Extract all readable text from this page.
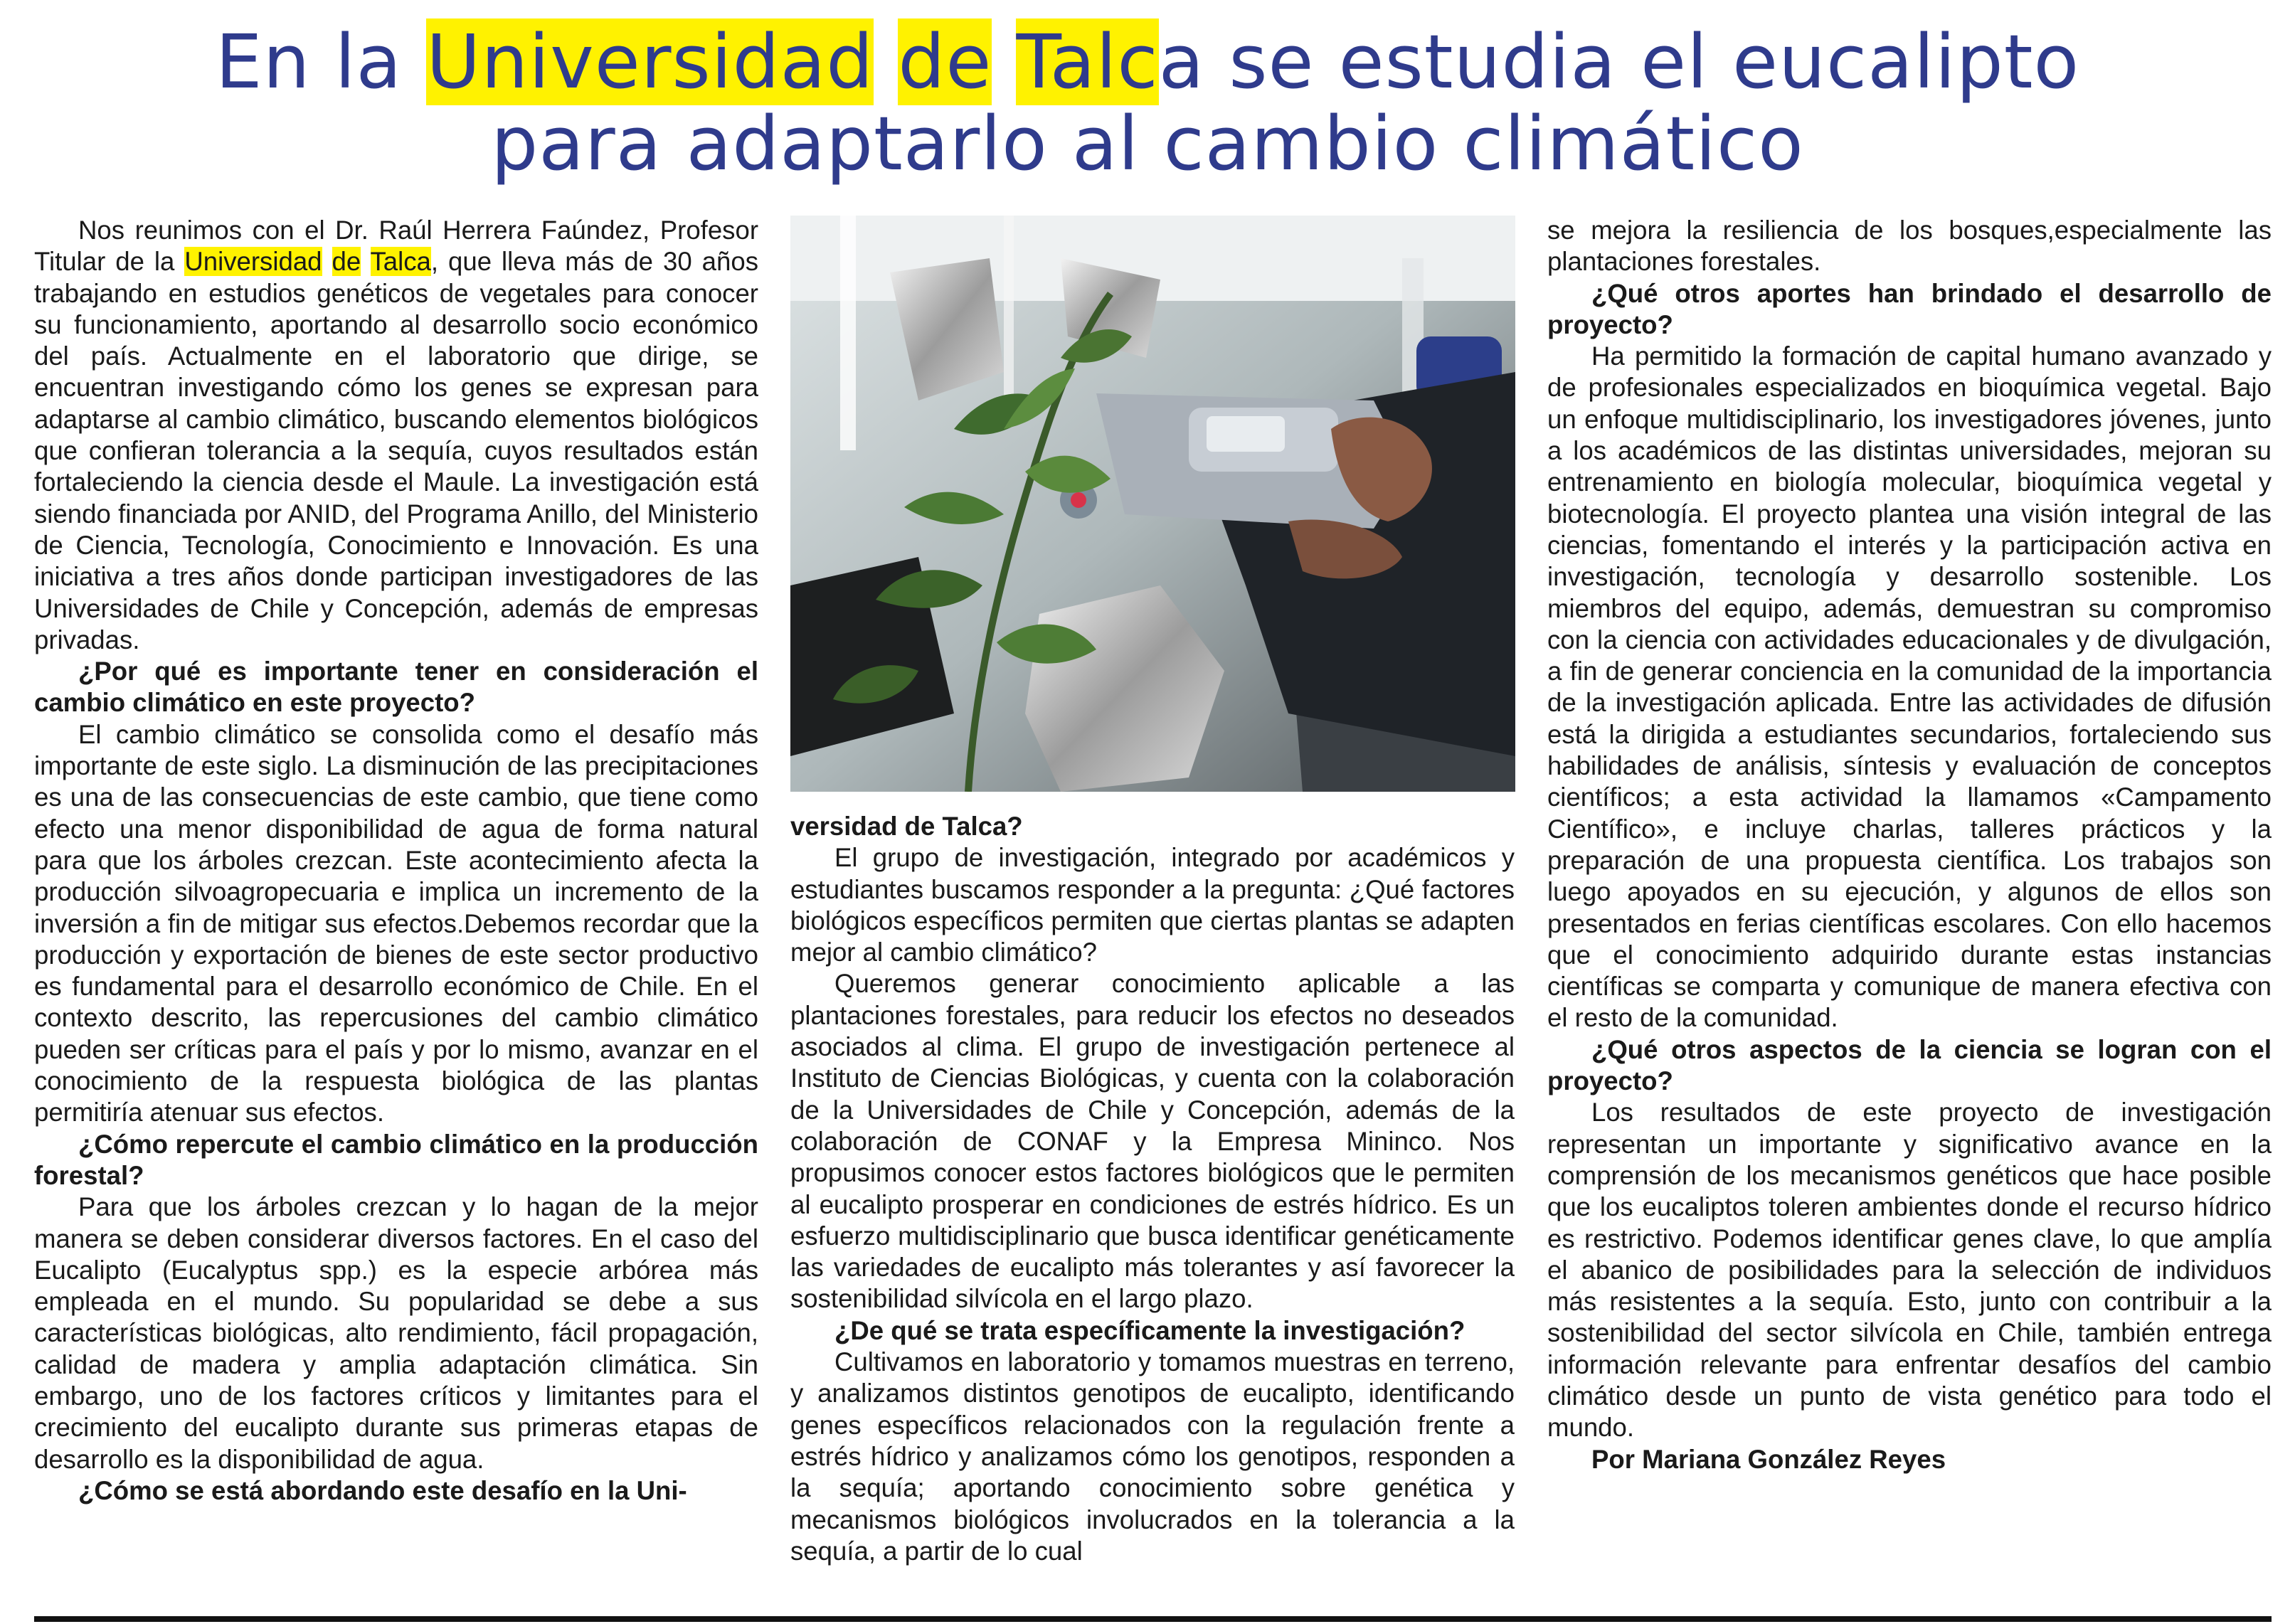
En la Universidad de Talca se estudia el eucalipto
para adaptarlo al cambio climático

Nos reunimos con el Dr. Raúl Herrera Faúndez, Profesor Titular de la Universidad de Talca, que lleva más de 30 años trabajando en estudios genéticos de vegetales para conocer su funcionamiento, aportando al desarrollo socio económico del país. Actualmente en el laboratorio que dirige, se encuentran investigando cómo los genes se expresan para adaptarse al cambio climático, buscando elementos biológicos que confieran tolerancia a la sequía, cuyos resultados están fortaleciendo la ciencia desde el Maule. La investigación está siendo financiada por ANID, del Programa Anillo, del Ministerio de Ciencia, Tecnología, Conocimiento e Innovación. Es una iniciativa a tres años donde participan investigadores de las Universidades de Chile y Concepción, además de empresas privadas.

¿Por qué es importante tener en consideración el cambio climático en este proyecto?

El cambio climático se consolida como el desafío más importante de este siglo. La disminución de las precipitaciones es una de las consecuencias de este cambio, que tiene como efecto una menor disponibilidad de agua de forma natural para que los árboles crezcan. Este acontecimiento afecta la producción silvoagropecuaria e implica un incremento de la inversión a fin de mitigar sus efectos.Debemos recordar que la producción y exportación de bienes de este sector productivo es fundamental para el desarrollo económico de Chile. En el contexto descrito, las repercusiones del cambio climático pueden ser críticas para el país y por lo mismo, avanzar en el conocimiento de la respuesta biológica de las plantas permitiría atenuar sus efectos.

¿Cómo repercute el cambio climático en la producción forestal?

Para que los árboles crezcan y lo hagan de la mejor manera se deben considerar diversos factores. En el caso del Eucalipto (Eucalyptus spp.) es la especie arbórea más empleada en el mundo. Su popularidad se debe a sus características biológicas, alto rendimiento, fácil propagación, calidad de madera y amplia adaptación climática. Sin embargo, uno de los factores críticos y limitantes para el crecimiento del eucalipto durante sus primeras etapas de desarrollo es la disponibilidad de agua.

¿Cómo se está abordando este desafío en la Uni-

versidad de Talca?

El grupo de investigación, integrado por académicos y estudiantes buscamos responder a la pregunta: ¿Qué factores biológicos específicos permiten que ciertas plantas se adapten mejor al cambio climático?

Queremos generar conocimiento aplicable a las plantaciones forestales, para reducir los efectos no deseados asociados al clima. El grupo de investigación pertenece al Instituto de Ciencias Biológicas, y cuenta con la colaboración de la Universidades de Chile y Concepción, además de la colaboración de CONAF y la Empresa Mininco. Nos propusimos conocer estos factores biológicos que le permiten al eucalipto prosperar en condiciones de estrés hídrico. Es un esfuerzo multidisciplinario que busca identificar genéticamente las variedades de eucalipto más tolerantes y así favorecer la sostenibilidad silvícola en el largo plazo.

¿De qué se trata específicamente la investigación?

Cultivamos en laboratorio y tomamos muestras en terreno, y analizamos distintos genotipos de eucalipto, identificando genes específicos relacionados con la regulación frente a estrés hídrico y analizamos cómo los genotipos, responden a la sequía; aportando conocimiento sobre genética y mecanismos biológicos involucrados en la tolerancia a la sequía, a partir de lo cual

se mejora la resiliencia de los bosques,especialmente las plantaciones forestales.

¿Qué otros aportes han brindado el desarrollo de proyecto?

Ha permitido la formación de capital humano avanzado y de profesionales especializados en bioquímica vegetal. Bajo un enfoque multidisciplinario, los investigadores jóvenes, junto a los académicos de las distintas universidades, mejoran su entrenamiento en biología molecular, bioquímica vegetal y biotecnología. El proyecto plantea una visión integral de las ciencias, fomentando el interés y la participación activa en investigación, tecnología y desarrollo sostenible. Los miembros del equipo, además, demuestran su compromiso con la ciencia con actividades educacionales y de divulgación, a fin de generar conciencia en la comunidad de la importancia de la investigación aplicada. Entre las actividades de difusión está la dirigida a estudiantes secundarios, fortaleciendo sus habilidades de análisis, síntesis y evaluación de conceptos científicos; a esta actividad la llamamos «Campamento Científico», e incluye charlas, talleres prácticos y la preparación de una propuesta científica. Los trabajos son luego apoyados en su ejecución, y algunos de ellos son presentados en ferias científicas escolares. Con ello hacemos que el conocimiento adquirido durante estas instancias científicas se comparta y comunique de manera efectiva con el resto de la comunidad.

¿Qué otros aspectos de la ciencia se logran con el proyecto?

Los resultados de este proyecto de investigación representan un importante y significativo avance en la comprensión de los mecanismos genéticos que hace posible que los eucaliptos toleren ambientes donde el recurso hídrico es restrictivo. Podemos identificar genes clave, lo que amplía el abanico de posibilidades para la selección de individuos más resistentes a la sequía. Esto, junto con contribuir a la sostenibilidad del sector silvícola en Chile, también entrega información relevante para enfrentar desafíos del cambio climático desde un punto de vista genético para todo el mundo.

Por Mariana González Reyes
